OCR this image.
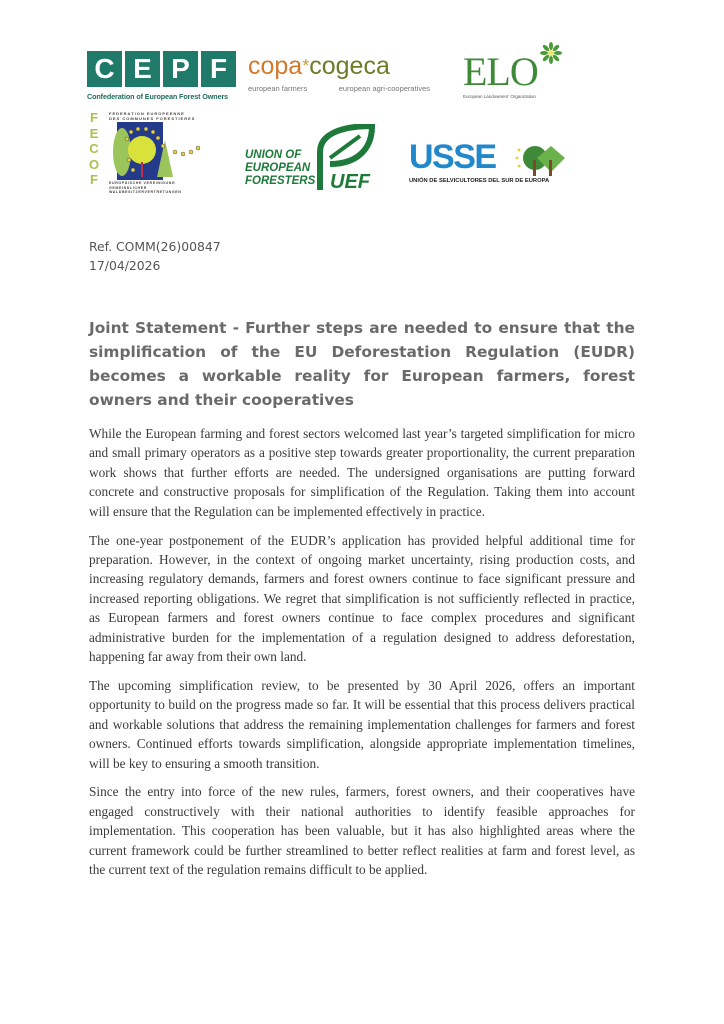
C E P F
Confederation of European Forest Owners
copa*cogeca
european farmers	european agri-cooperatives ELO
European Landowners' Organization
FECOF
FEDERATION EUROPEENNE
DES COMMUNES FORESTIERES
EUROPÄISCHE VEREINIGUNG GEMEINDLICHER
WALDBESITZERVERTRETUNGEN
UNION OF
EUROPEAN
FORESTERS UEF
USSE
UNIÓN DE SELVICULTORES DEL SUR DE EUROPA
Ref. COMM(26)00847
17/04/2026
Joint Statement - Further steps are needed to ensure that the simplification of the EU Deforestation Regulation (EUDR) becomes a workable reality for European farmers, forest owners and their cooperatives

While the European farming and forest sectors welcomed last year’s targeted simplification for micro and small primary operators as a positive step towards greater proportionality, the current preparation work shows that further efforts are needed. The undersigned organisations are putting forward concrete and constructive proposals for simplification of the Regulation. Taking them into account will ensure that the Regulation can be implemented effectively in practice.

The one-year postponement of the EUDR’s application has provided helpful additional time for preparation. However, in the context of ongoing market uncertainty, rising production costs, and increasing regulatory demands, farmers and forest owners continue to face significant pressure and increased reporting obligations. We regret that simplification is not sufficiently reflected in practice, as European farmers and forest owners continue to face complex procedures and significant administrative burden for the implementation of a regulation designed to address deforestation, happening far away from their own land.

The upcoming simplification review, to be presented by 30 April 2026, offers an important opportunity to build on the progress made so far. It will be essential that this process delivers practical and workable solutions that address the remaining implementation challenges for farmers and forest owners. Continued efforts towards simplification, alongside appropriate implementation timelines, will be key to ensuring a smooth transition.

Since the entry into force of the new rules, farmers, forest owners, and their cooperatives have engaged constructively with their national authorities to identify feasible approaches for implementation. This cooperation has been valuable, but it has also highlighted areas where the current framework could be further streamlined to better reflect realities at farm and forest level, as the current text of the regulation remains difficult to be applied.
